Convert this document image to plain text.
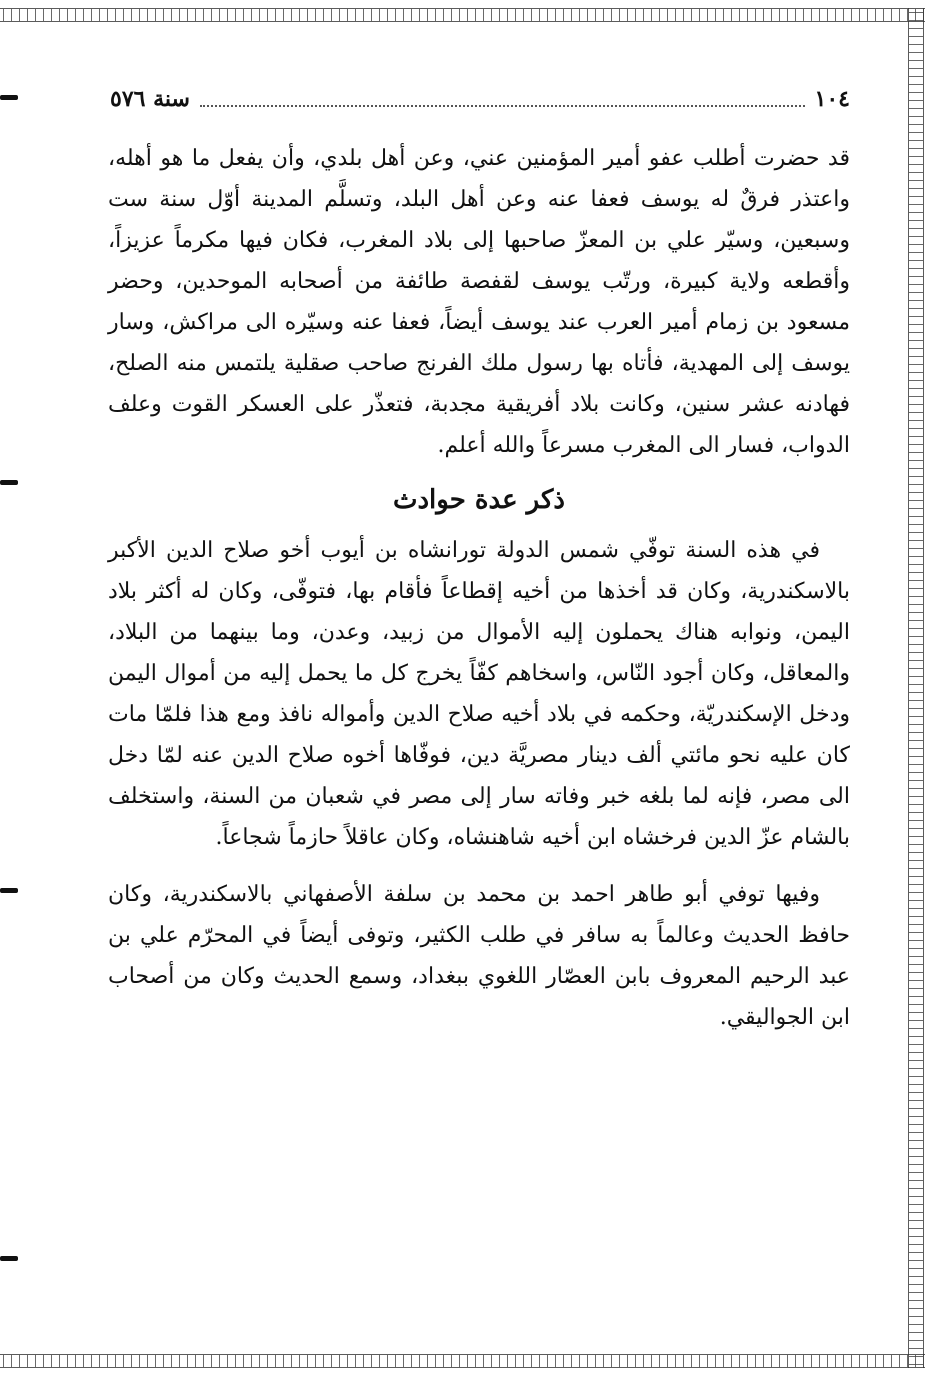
١٠٤
سنة ٥٧٦

قد حضرت أطلب عفو أمير المؤمنين عني، وعن أهل بلدي، وأن يفعل ما هو أهله، واعتذر فرقٌ له يوسف فعفا عنه وعن أهل البلد، وتسلَّم المدينة أوّل سنة ست وسبعين، وسيّر علي بن المعزّ صاحبها إلى بلاد المغرب، فكان فيها مكرماً عزيزاً، وأقطعه ولاية كبيرة، ورتّب يوسف لقفصة طائفة من أصحابه الموحدين، وحضر مسعود بن زمام أمير العرب عند يوسف أيضاً، فعفا عنه وسيّره الى مراكش، وسار يوسف إلى المهدية، فأتاه بها رسول ملك الفرنج صاحب صقلية يلتمس منه الصلح، فهادنه عشر سنين، وكانت بلاد أفريقية مجدبة، فتعذّر على العسكر القوت وعلف الدواب، فسار الى المغرب مسرعاً والله أعلم.

ذكر عدة حوادث

في هذه السنة توفّي شمس الدولة تورانشاه بن أيوب أخو صلاح الدين الأكبر بالاسكندرية، وكان قد أخذها من أخيه إقطاعاً فأقام بها، فتوفّى، وكان له أكثر بلاد اليمن، ونوابه هناك يحملون إليه الأموال من زبيد، وعدن، وما بينهما من البلاد، والمعاقل، وكان أجود النّاس، واسخاهم كفّاً يخرج كل ما يحمل إليه من أموال اليمن ودخل الإسكندريّة، وحكمه في بلاد أخيه صلاح الدين وأمواله نافذ ومع هذا فلمّا مات كان عليه نحو مائتي ألف دينار مصريَّة دين، فوفّاها أخوه صلاح الدين عنه لمّا دخل الى مصر، فإنه لما بلغه خبر وفاته سار إلى مصر في شعبان من السنة، واستخلف بالشام عزّ الدين فرخشاه ابن أخيه شاهنشاه، وكان عاقلاً حازماً شجاعاً.

وفيها توفي أبو طاهر احمد بن محمد بن سلفة الأصفهاني بالاسكندرية، وكان حافظ الحديث وعالماً به سافر في طلب الكثير، وتوفى أيضاً في المحرّم علي بن عبد الرحيم المعروف بابن العصّار اللغوي ببغداد، وسمع الحديث وكان من أصحاب ابن الجواليقي.
